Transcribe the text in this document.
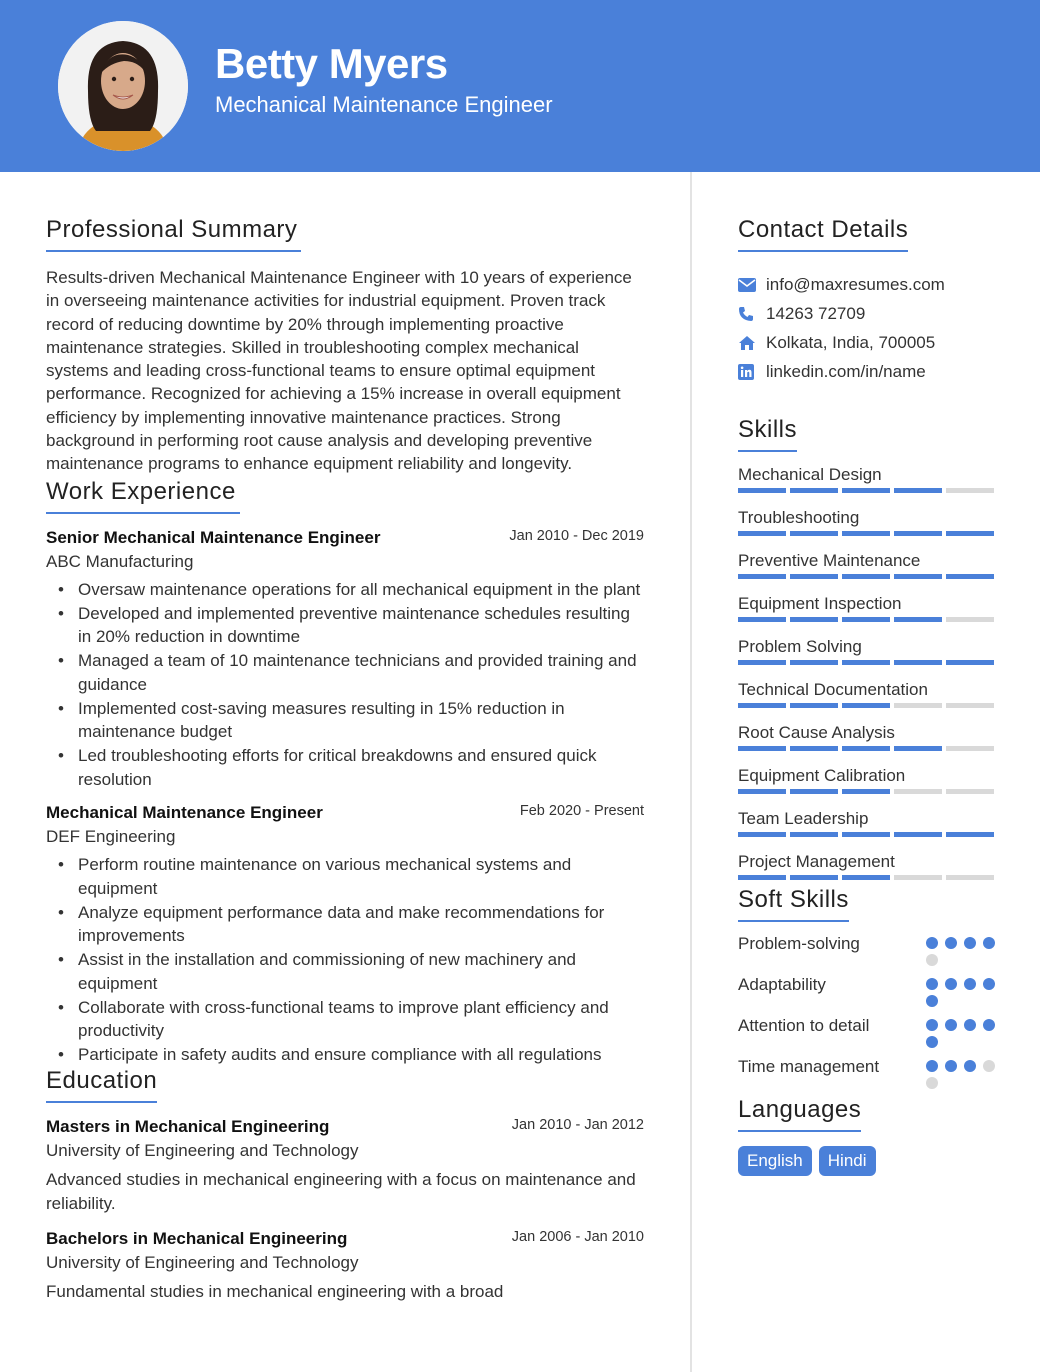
Betty Myers
Mechanical Maintenance Engineer
Professional Summary

Results-driven Mechanical Maintenance Engineer with 10 years of experience in overseeing maintenance activities for industrial equipment. Proven track record of reducing downtime by 20% through implementing proactive maintenance strategies. Skilled in troubleshooting complex mechanical systems and leading cross-functional teams to ensure optimal equipment performance. Recognized for achieving a 15% increase in overall equipment efficiency by implementing innovative maintenance practices. Strong background in performing root cause analysis and developing preventive maintenance programs to enhance equipment reliability and longevity.

Work Experience
Senior Mechanical Maintenance Engineer	Jan 2010 - Dec 2019
ABC Manufacturing
• Oversaw maintenance operations for all mechanical equipment in the plant
• Developed and implemented preventive maintenance schedules resulting in 20% reduction in downtime
• Managed a team of 10 maintenance technicians and provided training and guidance
• Implemented cost-saving measures resulting in 15% reduction in maintenance budget
• Led troubleshooting efforts for critical breakdowns and ensured quick resolution
Mechanical Maintenance Engineer	Feb 2020 - Present
DEF Engineering
• Perform routine maintenance on various mechanical systems and equipment
• Analyze equipment performance data and make recommendations for improvements
• Assist in the installation and commissioning of new machinery and equipment
• Collaborate with cross-functional teams to improve plant efficiency and productivity
• Participate in safety audits and ensure compliance with all regulations
Education
Masters in Mechanical Engineering	Jan 2010 - Jan 2012
University of Engineering and Technology

Advanced studies in mechanical engineering with a focus on maintenance and reliability.

Bachelors in Mechanical Engineering	Jan 2006 - Jan 2010
University of Engineering and Technology

Fundamental studies in mechanical engineering with a broad

Contact Details
info@maxresumes.com
14263 72709
Kolkata, India, 700005
linkedin.com/in/name
Skills
Mechanical Design
Troubleshooting
Preventive Maintenance
Equipment Inspection
Problem Solving
Technical Documentation
Root Cause Analysis
Equipment Calibration
Team Leadership
Project Management
Soft Skills
Problem-solving
Adaptability
Attention to detail
Time management
Languages
English	Hindi
